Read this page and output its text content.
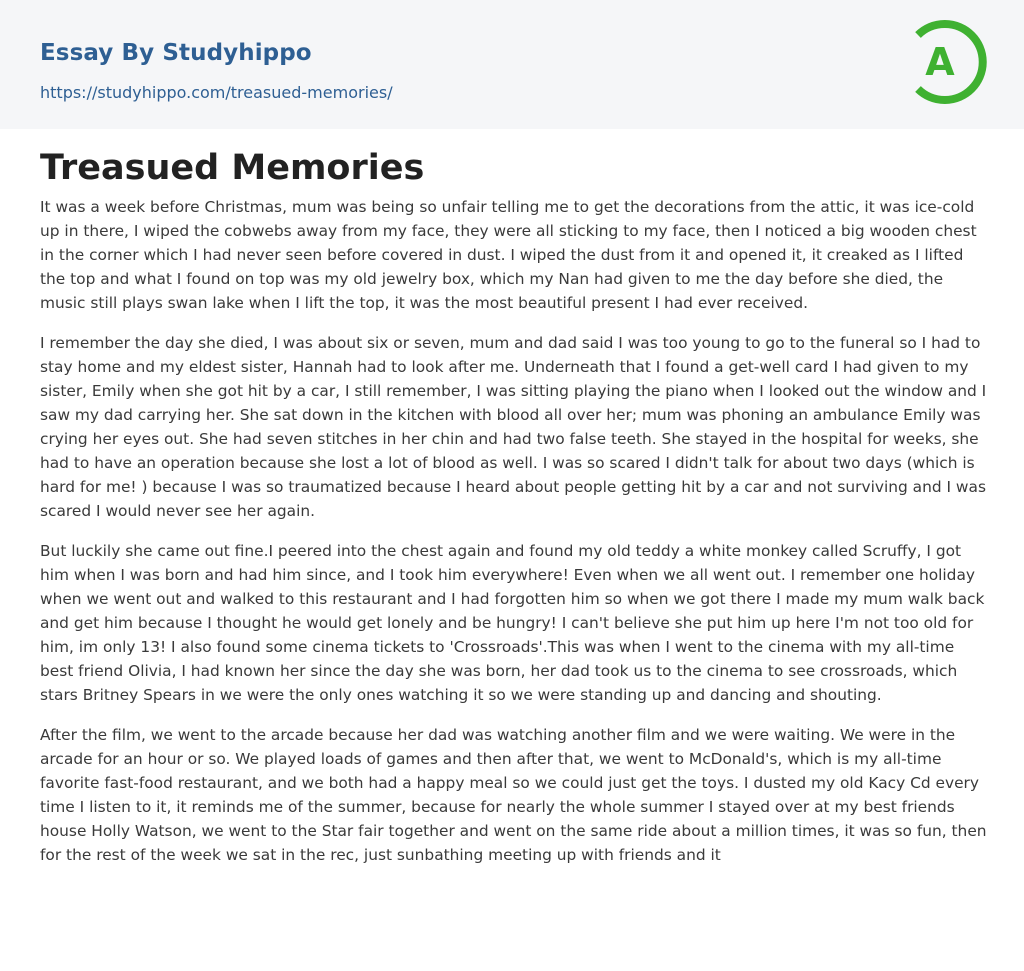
Essay By Studyhippo
https://studyhippo.com/treasued-memories/
A
Treasued Memories

It was a week before Christmas, mum was being so unfair telling me to get the decorations from the attic, it was ice-cold up in there, I wiped the cobwebs away from my face, they were all sticking to my face, then I noticed a big wooden chest in the corner which I had never seen before covered in dust. I wiped the dust from it and opened it, it creaked as I lifted the top and what I found on top was my old jewelry box, which my Nan had given to me the day before she died, the music still plays swan lake when I lift the top, it was the most beautiful present I had ever received.

I remember the day she died, I was about six or seven, mum and dad said I was too young to go to the funeral so I had to stay home and my eldest sister, Hannah had to look after me. Underneath that I found a get-well card I had given to my sister, Emily when she got hit by a car, I still remember, I was sitting playing the piano when I looked out the window and I saw my dad carrying her. She sat down in the kitchen with blood all over her; mum was phoning an ambulance Emily was crying her eyes out. She had seven stitches in her chin and had two false teeth. She stayed in the hospital for weeks, she had to have an operation because she lost a lot of blood as well. I was so scared I didn't talk for about two days (which is hard for me! ) because I was so traumatized because I heard about people getting hit by a car and not surviving and I was scared I would never see her again.

But luckily she came out fine.I peered into the chest again and found my old teddy a white monkey called Scruffy, I got him when I was born and had him since, and I took him everywhere! Even when we all went out. I remember one holiday when we went out and walked to this restaurant and I had forgotten him so when we got there I made my mum walk back and get him because I thought he would get lonely and be hungry! I can't believe she put him up here I'm not too old for him, im only 13! I also found some cinema tickets to 'Crossroads'.This was when I went to the cinema with my all-time best friend Olivia, I had known her since the day she was born, her dad took us to the cinema to see crossroads, which stars Britney Spears in we were the only ones watching it so we were standing up and dancing and shouting.

After the film, we went to the arcade because her dad was watching another film and we were waiting. We were in the arcade for an hour or so. We played loads of games and then after that, we went to McDonald's, which is my all-time favorite fast-food restaurant, and we both had a happy meal so we could just get the toys. I dusted my old Kacy Cd every time I listen to it, it reminds me of the summer, because for nearly the whole summer I stayed over at my best friends house Holly Watson, we went to the Star fair together and went on the same ride about a million times, it was so fun, then for the rest of the week we sat in the rec, just sunbathing meeting up with friends and it
